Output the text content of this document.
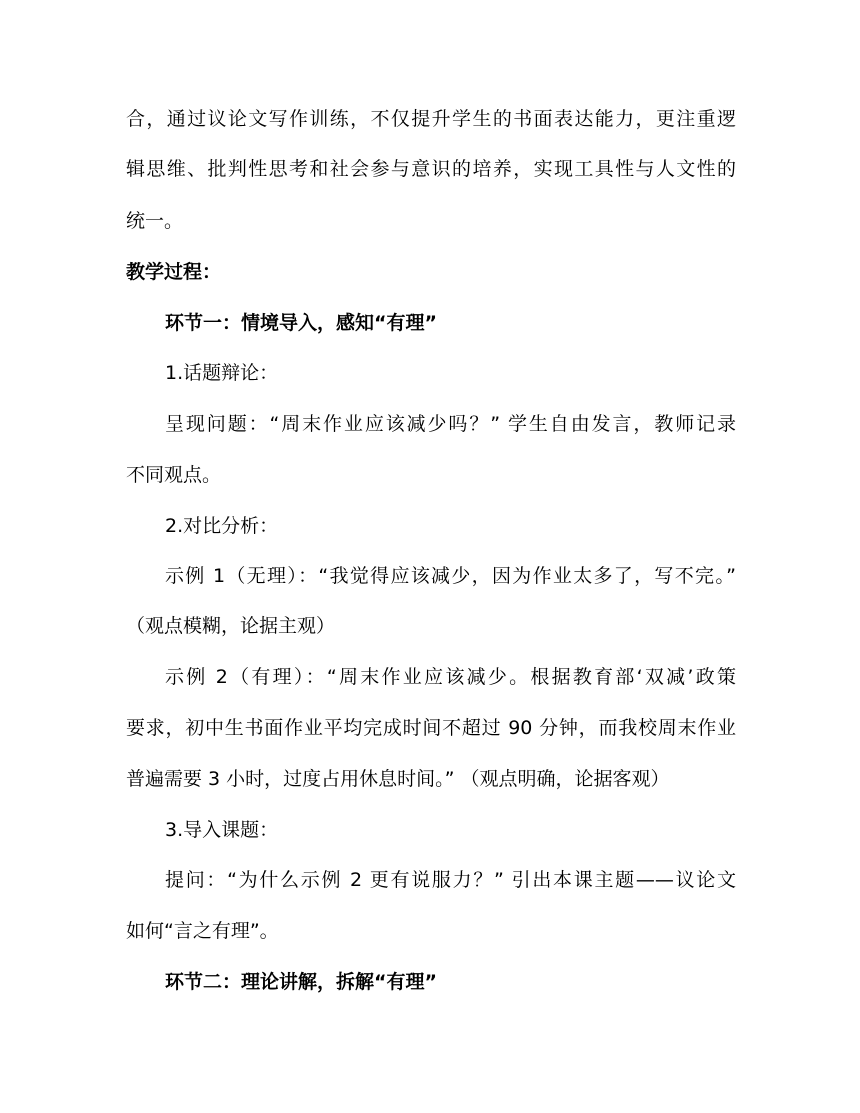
合，通过议论文写作训练，不仅提升学生的书面表达能力，更注重逻
辑思维、批判性思考和社会参与意识的培养，实现工具性与人文性的
统一。
教学过程：
环节一：情境导入，感知“有理”
1.话题辩论：
呈现问题：“周末作业应该减少吗？” 学生自由发言，教师记录
不同观点。
2.对比分析：
示例 1（无理）：“我觉得应该减少，因为作业太多了，写不完。”
（观点模糊，论据主观）
示例 2（有理）：“周末作业应该减少。根据教育部‘双减’政策
要求，初中生书面作业平均完成时间不超过 90 分钟，而我校周末作业
普遍需要 3 小时，过度占用休息时间。” （观点明确，论据客观）
3.导入课题：
提问：“为什么示例 2 更有说服力？” 引出本课主题——议论文
如何“言之有理”。
环节二：理论讲解，拆解“有理”
